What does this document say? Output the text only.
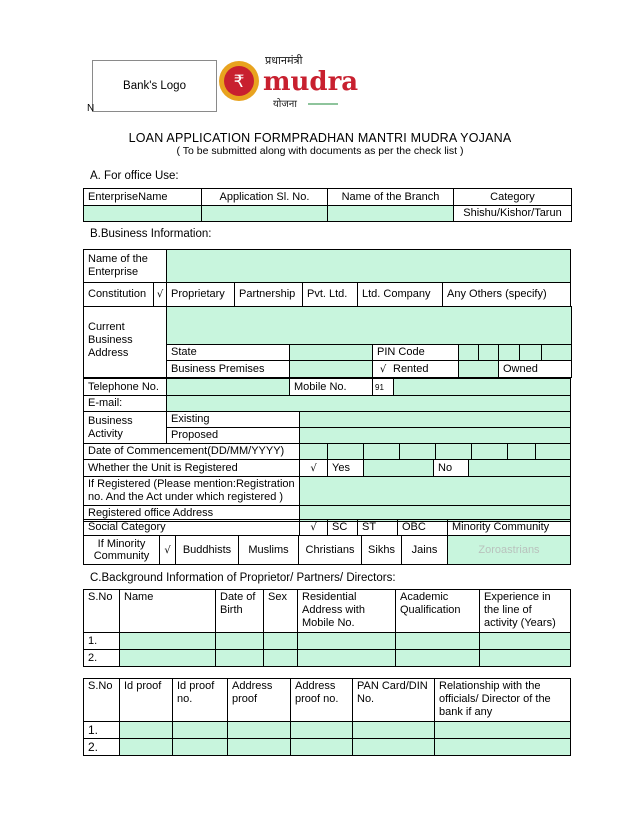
Bank's Logo
N
₹
प्रधानमंत्री
mudra
योजना
LOAN APPLICATION FORMPRADHAN MANTRI MUDRA YOJANA
( To be submitted along with documents as per the check list )
A. For office Use:
EnterpriseName	Application Sl. No.	Name of the Branch	Category
			Shishu/Kishor/Tarun
B.Business Information:
Name of the Enterprise	
Constitution	√	Proprietary	Partnership	Pvt. Ltd.	Ltd. Company	Any Others (specify)
Current Business Address								
	State		PIN Code					
	Business Premises		√ Rented			Owned		
Telephone No.		Mobile No.	91	
E-mail:	
Business Activity	Existing	
	Proposed	
Date of Commencement(DD/MM/YYYY)								
Whether the Unit is Registered	√	Yes		No	
If Registered (Please mention:Registration no. And the Act under which registered )	
Registered office Address	
Social Category	√	SC	ST	OBC	Minority Community
If Minority Community	√	Buddhists	Muslims	Christians	Sikhs	Jains	Zoroastrians
C.Background Information of Proprietor/ Partners/ Directors:
S.No	Name	Date of Birth	Sex	Residential Address with Mobile No.	Academic Qualification	Experience in the line of activity (Years)
1.						
2.						
S.No	Id proof	Id proof no.	Address proof	Address proof no.	PAN Card/DIN No.	Relationship with the officials/ Director of the bank if any
1.						
2.						
